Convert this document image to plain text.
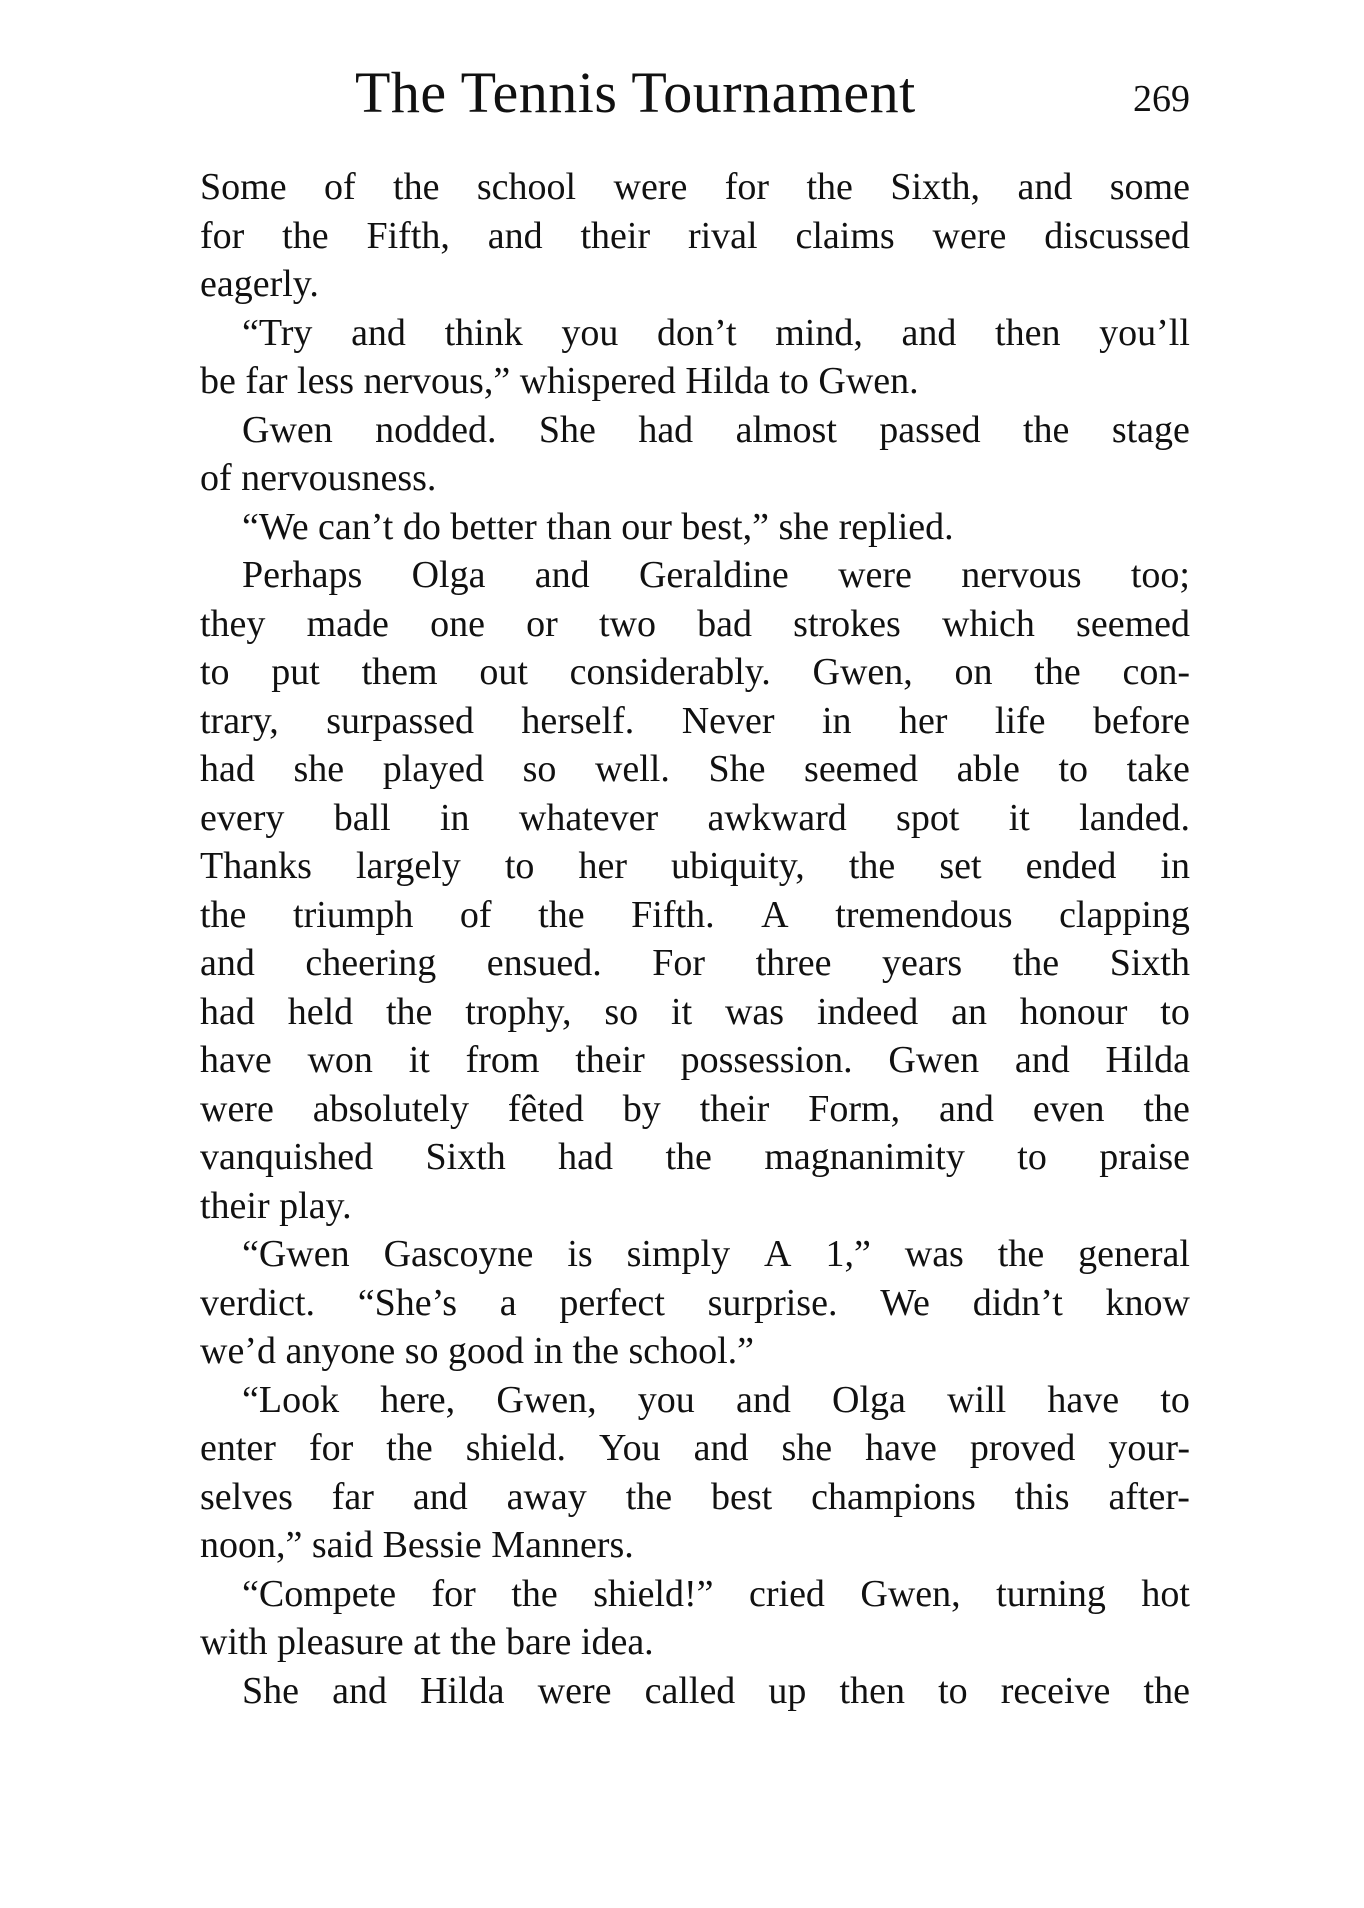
The Tennis Tournament	269
Some of the school were for the Sixth, and some
for the Fifth, and their rival claims were discussed
eagerly.
“Try and think you don’t mind, and then you’ll
be far less nervous,” whispered Hilda to Gwen.
Gwen nodded. She had almost passed the stage
of nervousness.
“We can’t do better than our best,” she replied.
Perhaps Olga and Geraldine were nervous too;
they made one or two bad strokes which seemed
to put them out considerably. Gwen, on the con-
trary, surpassed herself. Never in her life before
had she played so well. She seemed able to take
every ball in whatever awkward spot it landed.
Thanks largely to her ubiquity, the set ended in
the triumph of the Fifth. A tremendous clapping
and cheering ensued. For three years the Sixth
had held the trophy, so it was indeed an honour to
have won it from their possession. Gwen and Hilda
were absolutely fêted by their Form, and even the
vanquished Sixth had the magnanimity to praise
their play.
“Gwen Gascoyne is simply A 1,” was the general
verdict. “She’s a perfect surprise. We didn’t know
we’d anyone so good in the school.”
“Look here, Gwen, you and Olga will have to
enter for the shield. You and she have proved your-
selves far and away the best champions this after-
noon,” said Bessie Manners.
“Compete for the shield!” cried Gwen, turning hot
with pleasure at the bare idea.
She and Hilda were called up then to receive the
